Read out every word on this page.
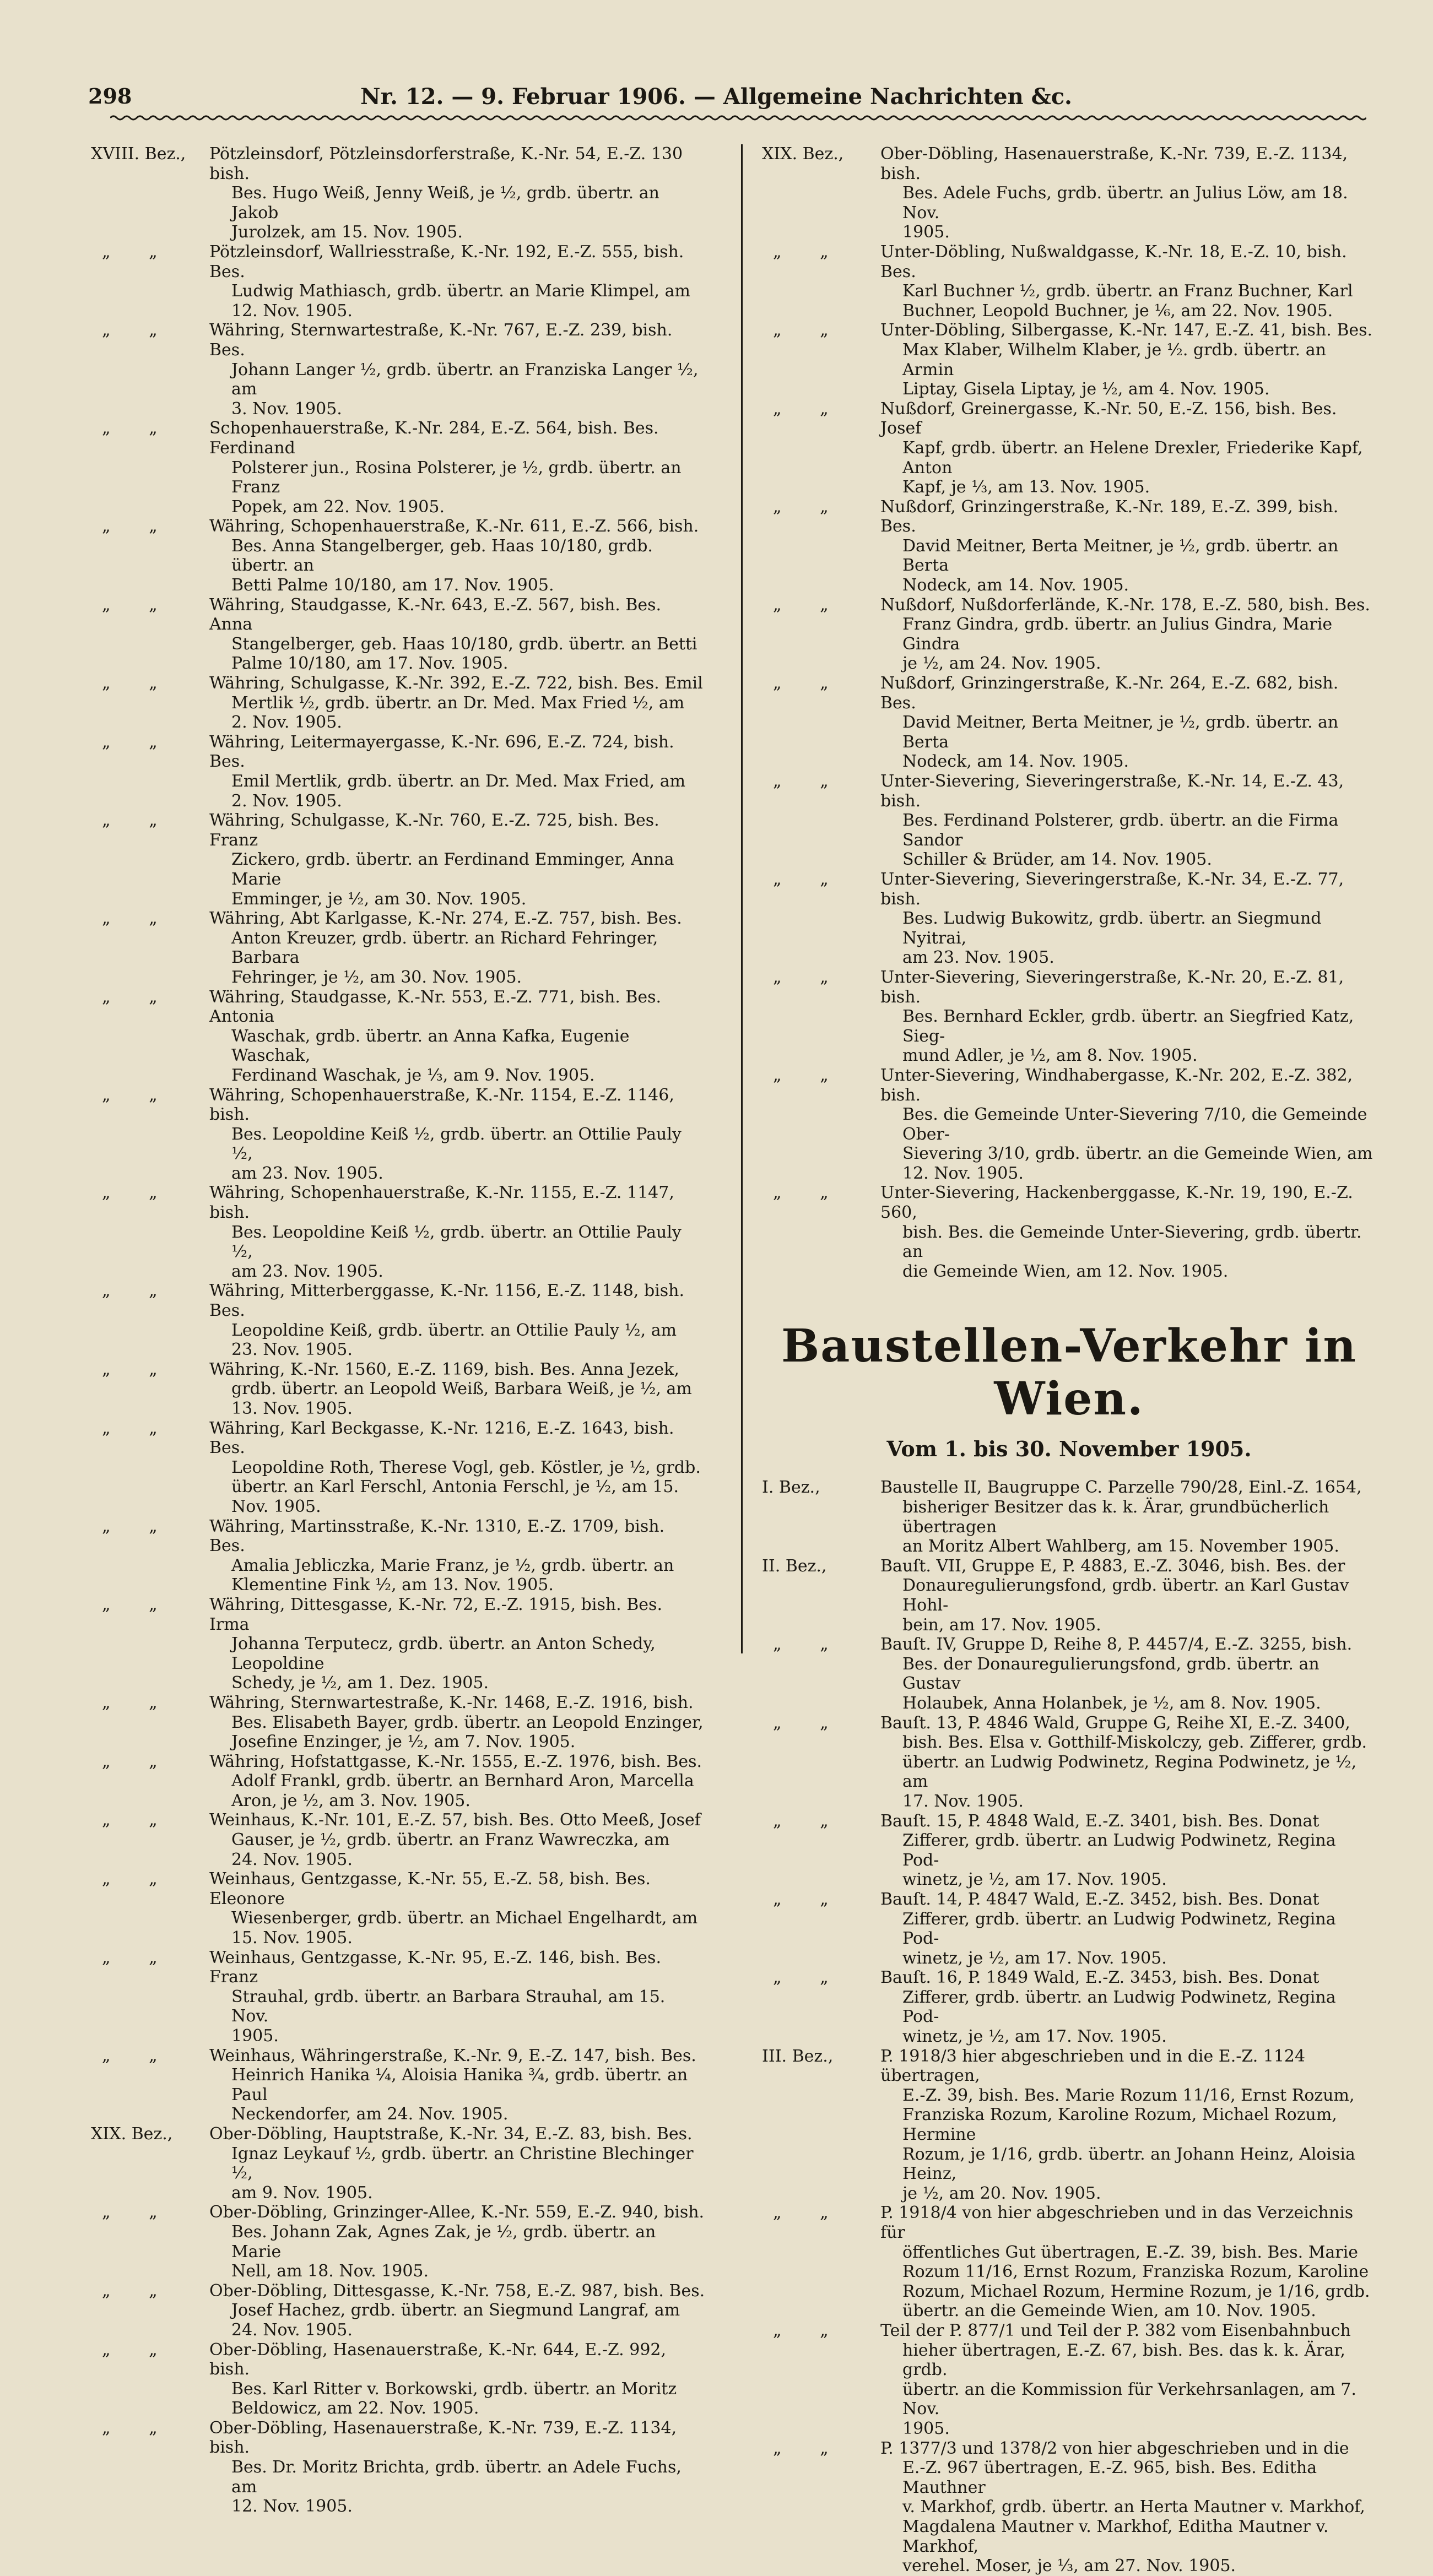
298	Nr. 12. — 9. Februar 1906. — Allgemeine Nachrichten &c.
XVIII. Bez.,	Pötzleinsdorf, Pötzleinsdorferstraße, K.-Nr. 54, E.-Z. 130 bish.
Bes. Hugo Weiß, Jenny Weiß, je ½, grdb. übertr. an Jakob
Jurolzek, am 15. Nov. 1905.
„ „	Pötzleinsdorf, Wallriesstraße, K.-Nr. 192, E.-Z. 555, bish. Bes.
Ludwig Mathiasch, grdb. übertr. an Marie Klimpel, am
12. Nov. 1905.
„ „	Währing, Sternwartestraße, K.-Nr. 767, E.-Z. 239, bish. Bes.
Johann Langer ½, grdb. übertr. an Franziska Langer ½, am
3. Nov. 1905.
„ „	Schopenhauerstraße, K.-Nr. 284, E.-Z. 564, bish. Bes. Ferdinand
Polsterer jun., Rosina Polsterer, je ½, grdb. übertr. an Franz
Popek, am 22. Nov. 1905.
„ „	Währing, Schopenhauerstraße, K.-Nr. 611, E.-Z. 566, bish.
Bes. Anna Stangelberger, geb. Haas 10/180, grdb. übertr. an
Betti Palme 10/180, am 17. Nov. 1905.
„ „	Währing, Staudgasse, K.-Nr. 643, E.-Z. 567, bish. Bes. Anna
Stangelberger, geb. Haas 10/180, grdb. übertr. an Betti
Palme 10/180, am 17. Nov. 1905.
„ „	Währing, Schulgasse, K.-Nr. 392, E.-Z. 722, bish. Bes. Emil
Mertlik ½, grdb. übertr. an Dr. Med. Max Fried ½, am
2. Nov. 1905.
„ „	Währing, Leitermayergasse, K.-Nr. 696, E.-Z. 724, bish. Bes.
Emil Mertlik, grdb. übertr. an Dr. Med. Max Fried, am
2. Nov. 1905.
„ „	Währing, Schulgasse, K.-Nr. 760, E.-Z. 725, bish. Bes. Franz
Zickero, grdb. übertr. an Ferdinand Emminger, Anna Marie
Emminger, je ½, am 30. Nov. 1905.
„ „	Währing, Abt Karlgasse, K.-Nr. 274, E.-Z. 757, bish. Bes.
Anton Kreuzer, grdb. übertr. an Richard Fehringer, Barbara
Fehringer, je ½, am 30. Nov. 1905.
„ „	Währing, Staudgasse, K.-Nr. 553, E.-Z. 771, bish. Bes. Antonia
Waschak, grdb. übertr. an Anna Kafka, Eugenie Waschak,
Ferdinand Waschak, je ⅓, am 9. Nov. 1905.
„ „	Währing, Schopenhauerstraße, K.-Nr. 1154, E.-Z. 1146, bish.
Bes. Leopoldine Keiß ½, grdb. übertr. an Ottilie Pauly ½,
am 23. Nov. 1905.
„ „	Währing, Schopenhauerstraße, K.-Nr. 1155, E.-Z. 1147, bish.
Bes. Leopoldine Keiß ½, grdb. übertr. an Ottilie Pauly ½,
am 23. Nov. 1905.
„ „	Währing, Mitterberggasse, K.-Nr. 1156, E.-Z. 1148, bish. Bes.
Leopoldine Keiß, grdb. übertr. an Ottilie Pauly ½, am
23. Nov. 1905.
„ „	Währing, K.-Nr. 1560, E.-Z. 1169, bish. Bes. Anna Jezek,
grdb. übertr. an Leopold Weiß, Barbara Weiß, je ½, am
13. Nov. 1905.
„ „	Währing, Karl Beckgasse, K.-Nr. 1216, E.-Z. 1643, bish. Bes.
Leopoldine Roth, Therese Vogl, geb. Köstler, je ½, grdb.
übertr. an Karl Ferschl, Antonia Ferschl, je ½, am 15. Nov. 1905.
„ „	Währing, Martinsstraße, K.-Nr. 1310, E.-Z. 1709, bish. Bes.
Amalia Jebliczka, Marie Franz, je ½, grdb. übertr. an
Klementine Fink ½, am 13. Nov. 1905.
„ „	Währing, Dittesgasse, K.-Nr. 72, E.-Z. 1915, bish. Bes. Irma
Johanna Terputecz, grdb. übertr. an Anton Schedy, Leopoldine
Schedy, je ½, am 1. Dez. 1905.
„ „	Währing, Sternwartestraße, K.-Nr. 1468, E.-Z. 1916, bish.
Bes. Elisabeth Bayer, grdb. übertr. an Leopold Enzinger,
Josefine Enzinger, je ½, am 7. Nov. 1905.
„ „	Währing, Hofstattgasse, K.-Nr. 1555, E.-Z. 1976, bish. Bes.
Adolf Frankl, grdb. übertr. an Bernhard Aron, Marcella
Aron, je ½, am 3. Nov. 1905.
„ „	Weinhaus, K.-Nr. 101, E.-Z. 57, bish. Bes. Otto Meeß, Josef
Gauser, je ½, grdb. übertr. an Franz Wawreczka, am
24. Nov. 1905.
„ „	Weinhaus, Gentzgasse, K.-Nr. 55, E.-Z. 58, bish. Bes. Eleonore
Wiesenberger, grdb. übertr. an Michael Engelhardt, am
15. Nov. 1905.
„ „	Weinhaus, Gentzgasse, K.-Nr. 95, E.-Z. 146, bish. Bes. Franz
Strauhal, grdb. übertr. an Barbara Strauhal, am 15. Nov.
1905.
„ „	Weinhaus, Währingerstraße, K.-Nr. 9, E.-Z. 147, bish. Bes.
Heinrich Hanika ¼, Aloisia Hanika ¾, grdb. übertr. an Paul
Neckendorfer, am 24. Nov. 1905.
XIX. Bez.,	Ober-Döbling, Hauptstraße, K.-Nr. 34, E.-Z. 83, bish. Bes.
Ignaz Leykauf ½, grdb. übertr. an Christine Blechinger ½,
am 9. Nov. 1905.
„ „	Ober-Döbling, Grinzinger-Allee, K.-Nr. 559, E.-Z. 940, bish.
Bes. Johann Zak, Agnes Zak, je ½, grdb. übertr. an Marie
Nell, am 18. Nov. 1905.
„ „	Ober-Döbling, Dittesgasse, K.-Nr. 758, E.-Z. 987, bish. Bes.
Josef Hachez, grdb. übertr. an Siegmund Langraf, am
24. Nov. 1905.
„ „	Ober-Döbling, Hasenauerstraße, K.-Nr. 644, E.-Z. 992, bish.
Bes. Karl Ritter v. Borkowski, grdb. übertr. an Moritz
Beldowicz, am 22. Nov. 1905.
„ „	Ober-Döbling, Hasenauerstraße, K.-Nr. 739, E.-Z. 1134, bish.
Bes. Dr. Moritz Brichta, grdb. übertr. an Adele Fuchs, am
12. Nov. 1905.
XIX. Bez.,	Ober-Döbling, Hasenauerstraße, K.-Nr. 739, E.-Z. 1134, bish.
Bes. Adele Fuchs, grdb. übertr. an Julius Löw, am 18. Nov.
1905.
„ „	Unter-Döbling, Nußwaldgasse, K.-Nr. 18, E.-Z. 10, bish. Bes.
Karl Buchner ½, grdb. übertr. an Franz Buchner, Karl
Buchner, Leopold Buchner, je ⅙, am 22. Nov. 1905.
„ „	Unter-Döbling, Silbergasse, K.-Nr. 147, E.-Z. 41, bish. Bes.
Max Klaber, Wilhelm Klaber, je ½. grdb. übertr. an Armin
Liptay, Gisela Liptay, je ½, am 4. Nov. 1905.
„ „	Nußdorf, Greinergasse, K.-Nr. 50, E.-Z. 156, bish. Bes. Josef
Kapf, grdb. übertr. an Helene Drexler, Friederike Kapf, Anton
Kapf, je ⅓, am 13. Nov. 1905.
„ „	Nußdorf, Grinzingerstraße, K.-Nr. 189, E.-Z. 399, bish. Bes.
David Meitner, Berta Meitner, je ½, grdb. übertr. an Berta
Nodeck, am 14. Nov. 1905.
„ „	Nußdorf, Nußdorferlände, K.-Nr. 178, E.-Z. 580, bish. Bes.
Franz Gindra, grdb. übertr. an Julius Gindra, Marie Gindra
je ½, am 24. Nov. 1905.
„ „	Nußdorf, Grinzingerstraße, K.-Nr. 264, E.-Z. 682, bish. Bes.
David Meitner, Berta Meitner, je ½, grdb. übertr. an Berta
Nodeck, am 14. Nov. 1905.
„ „	Unter-Sievering, Sieveringerstraße, K.-Nr. 14, E.-Z. 43, bish.
Bes. Ferdinand Polsterer, grdb. übertr. an die Firma Sandor
Schiller & Brüder, am 14. Nov. 1905.
„ „	Unter-Sievering, Sieveringerstraße, K.-Nr. 34, E.-Z. 77, bish.
Bes. Ludwig Bukowitz, grdb. übertr. an Siegmund Nyitrai,
am 23. Nov. 1905.
„ „	Unter-Sievering, Sieveringerstraße, K.-Nr. 20, E.-Z. 81, bish.
Bes. Bernhard Eckler, grdb. übertr. an Siegfried Katz, Sieg-
mund Adler, je ½, am 8. Nov. 1905.
„ „	Unter-Sievering, Windhabergasse, K.-Nr. 202, E.-Z. 382, bish.
Bes. die Gemeinde Unter-Sievering 7/10, die Gemeinde Ober-
Sievering 3/10, grdb. übertr. an die Gemeinde Wien, am
12. Nov. 1905.
„ „	Unter-Sievering, Hackenberggasse, K.-Nr. 19, 190, E.-Z. 560,
bish. Bes. die Gemeinde Unter-Sievering, grdb. übertr. an
die Gemeinde Wien, am 12. Nov. 1905.
Baustellen-Verkehr in Wien.
Vom 1. bis 30. November 1905.
I. Bez.,	Baustelle II, Baugruppe C. Parzelle 790/28, Einl.-Z. 1654,
bisheriger Besitzer das k. k. Ärar, grundbücherlich übertragen
an Moritz Albert Wahlberg, am 15. November 1905.
II. Bez.,	Bauſt. VII, Gruppe E, P. 4883, E.-Z. 3046, bish. Bes. der
Donauregulierungsfond, grdb. übertr. an Karl Gustav Hohl-
bein, am 17. Nov. 1905.
„ „	Bauſt. IV, Gruppe D, Reihe 8, P. 4457/4, E.-Z. 3255, bish.
Bes. der Donauregulierungsfond, grdb. übertr. an Gustav
Holaubek, Anna Holanbek, je ½, am 8. Nov. 1905.
„ „	Bauſt. 13, P. 4846 Wald, Gruppe G, Reihe XI, E.-Z. 3400,
bish. Bes. Elsa v. Gotthilf-Miskolczy, geb. Zifferer, grdb.
übertr. an Ludwig Podwinetz, Regina Podwinetz, je ½, am
17. Nov. 1905.
„ „	Bauſt. 15, P. 4848 Wald, E.-Z. 3401, bish. Bes. Donat
Zifferer, grdb. übertr. an Ludwig Podwinetz, Regina Pod-
winetz, je ½, am 17. Nov. 1905.
„ „	Bauſt. 14, P. 4847 Wald, E.-Z. 3452, bish. Bes. Donat
Zifferer, grdb. übertr. an Ludwig Podwinetz, Regina Pod-
winetz, je ½, am 17. Nov. 1905.
„ „	Bauſt. 16, P. 1849 Wald, E.-Z. 3453, bish. Bes. Donat
Zifferer, grdb. übertr. an Ludwig Podwinetz, Regina Pod-
winetz, je ½, am 17. Nov. 1905.
III. Bez.,	P. 1918/3 hier abgeschrieben und in die E.-Z. 1124 übertragen,
E.-Z. 39, bish. Bes. Marie Rozum 11/16, Ernst Rozum,
Franziska Rozum, Karoline Rozum, Michael Rozum, Hermine
Rozum, je 1/16, grdb. übertr. an Johann Heinz, Aloisia Heinz,
je ½, am 20. Nov. 1905.
„ „	P. 1918/4 von hier abgeschrieben und in das Verzeichnis für
öffentliches Gut übertragen, E.-Z. 39, bish. Bes. Marie
Rozum 11/16, Ernst Rozum, Franziska Rozum, Karoline
Rozum, Michael Rozum, Hermine Rozum, je 1/16, grdb.
übertr. an die Gemeinde Wien, am 10. Nov. 1905.
„ „	Teil der P. 877/1 und Teil der P. 382 vom Eisenbahnbuch
hieher übertragen, E.-Z. 67, bish. Bes. das k. k. Ärar, grdb.
übertr. an die Kommission für Verkehrsanlagen, am 7. Nov.
1905.
„ „	P. 1377/3 und 1378/2 von hier abgeschrieben und in die
E.-Z. 967 übertragen, E.-Z. 965, bish. Bes. Editha Mauthner
v. Markhof, grdb. übertr. an Herta Mautner v. Markhof,
Magdalena Mautner v. Markhof, Editha Mautner v. Markhof,
verehel. Moser, je ⅓, am 27. Nov. 1905.
